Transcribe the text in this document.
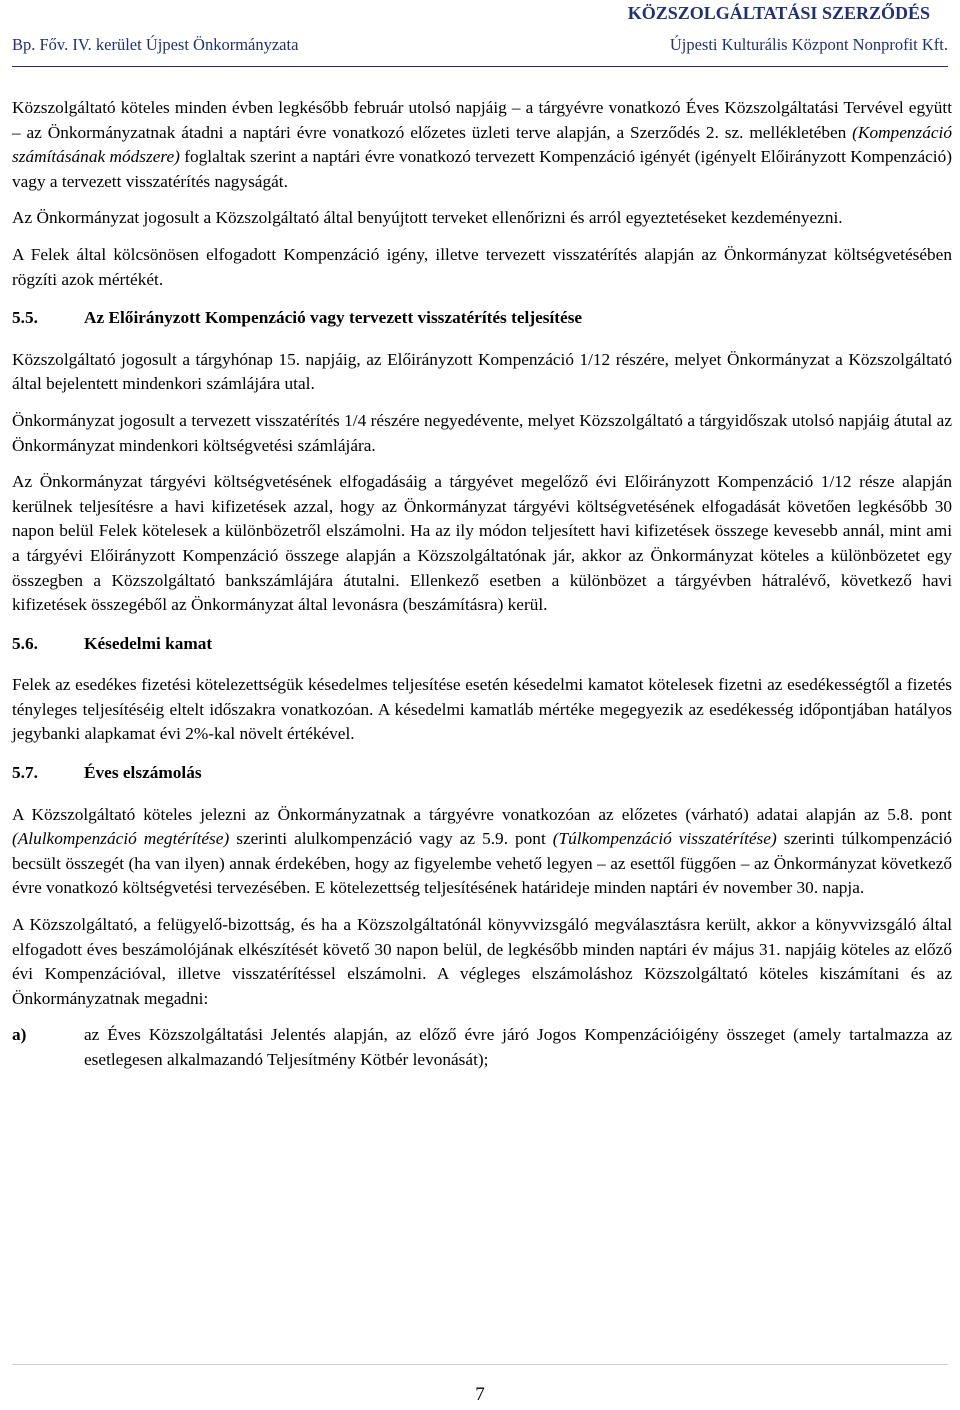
KÖZSZOLGÁLTATÁSI SZERZŐDÉS
Bp. Főv. IV. kerület Újpest Önkormányzata	Újpesti Kulturális Központ Nonprofit Kft.

Közszolgáltató köteles minden évben legkésőbb február utolsó napjáig – a tárgyévre vonatkozó Éves Közszolgáltatási Tervével együtt – az Önkormányzatnak átadni a naptári évre vonatkozó előzetes üzleti terve alapján, a Szerződés 2. sz. mellékletében (Kompenzáció számításának módszere) foglaltak szerint a naptári évre vonatkozó tervezett Kompenzáció igényét (igényelt Előirányzott Kompenzáció) vagy a tervezett visszatérítés nagyságát.

Az Önkormányzat jogosult a Közszolgáltató által benyújtott terveket ellenőrizni és arról egyeztetéseket kezdeményezni.

A Felek által kölcsönösen elfogadott Kompenzáció igény, illetve tervezett visszatérítés alapján az Önkormányzat költségvetésében rögzíti azok mértékét.

5.5.	Az Előirányzott Kompenzáció vagy tervezett visszatérítés teljesítése

Közszolgáltató jogosult a tárgyhónap 15. napjáig, az Előirányzott Kompenzáció 1/12 részére, melyet Önkormányzat a Közszolgáltató által bejelentett mindenkori számlájára utal.

Önkormányzat jogosult a tervezett visszatérítés 1/4 részére negyedévente, melyet Közszolgáltató a tárgyidőszak utolsó napjáig átutal az Önkormányzat mindenkori költségvetési számlájára.

Az Önkormányzat tárgyévi költségvetésének elfogadásáig a tárgyévet megelőző évi Előirányzott Kompenzáció 1/12 része alapján kerülnek teljesítésre a havi kifizetések azzal, hogy az Önkormányzat tárgyévi költségvetésének elfogadását követően legkésőbb 30 napon belül Felek kötelesek a különbözetről elszámolni. Ha az ily módon teljesített havi kifizetések összege kevesebb annál, mint ami a tárgyévi Előirányzott Kompenzáció összege alapján a Közszolgáltatónak jár, akkor az Önkormányzat köteles a különbözetet egy összegben a Közszolgáltató bankszámlájára átutalni. Ellenkező esetben a különbözet a tárgyévben hátralévő, következő havi kifizetések összegéből az Önkormányzat által levonásra (beszámításra) kerül.

5.6.	Késedelmi kamat

Felek az esedékes fizetési kötelezettségük késedelmes teljesítése esetén késedelmi kamatot kötelesek fizetni az esedékességtől a fizetés tényleges teljesítéséig eltelt időszakra vonatkozóan. A késedelmi kamatláb mértéke megegyezik az esedékesség időpontjában hatályos jegybanki alapkamat évi 2%-kal növelt értékével.

5.7.	Éves elszámolás

A Közszolgáltató köteles jelezni az Önkormányzatnak a tárgyévre vonatkozóan az előzetes (várható) adatai alapján az 5.8. pont (Alulkompenzáció megtérítése) szerinti alulkompenzáció vagy az 5.9. pont (Túlkompenzáció visszatérítése) szerinti túlkompenzáció becsült összegét (ha van ilyen) annak érdekében, hogy az figyelembe vehető legyen – az esettől függően – az Önkormányzat következő évre vonatkozó költségvetési tervezésében. E kötelezettség teljesítésének határideje minden naptári év november 30. napja.

A Közszolgáltató, a felügyelő-bizottság, és ha a Közszolgáltatónál könyvvizsgáló megválasztásra került, akkor a könyvvizsgáló által elfogadott éves beszámolójának elkészítését követő 30 napon belül, de legkésőbb minden naptári év május 31. napjáig köteles az előző évi Kompenzációval, illetve visszatérítéssel elszámolni. A végleges elszámoláshoz Közszolgáltató köteles kiszámítani és az Önkormányzatnak megadni:

a)	az Éves Közszolgáltatási Jelentés alapján, az előző évre járó Jogos Kompenzációigény összeget (amely tartalmazza az esetlegesen alkalmazandó Teljesítmény Kötbér levonását);
7
